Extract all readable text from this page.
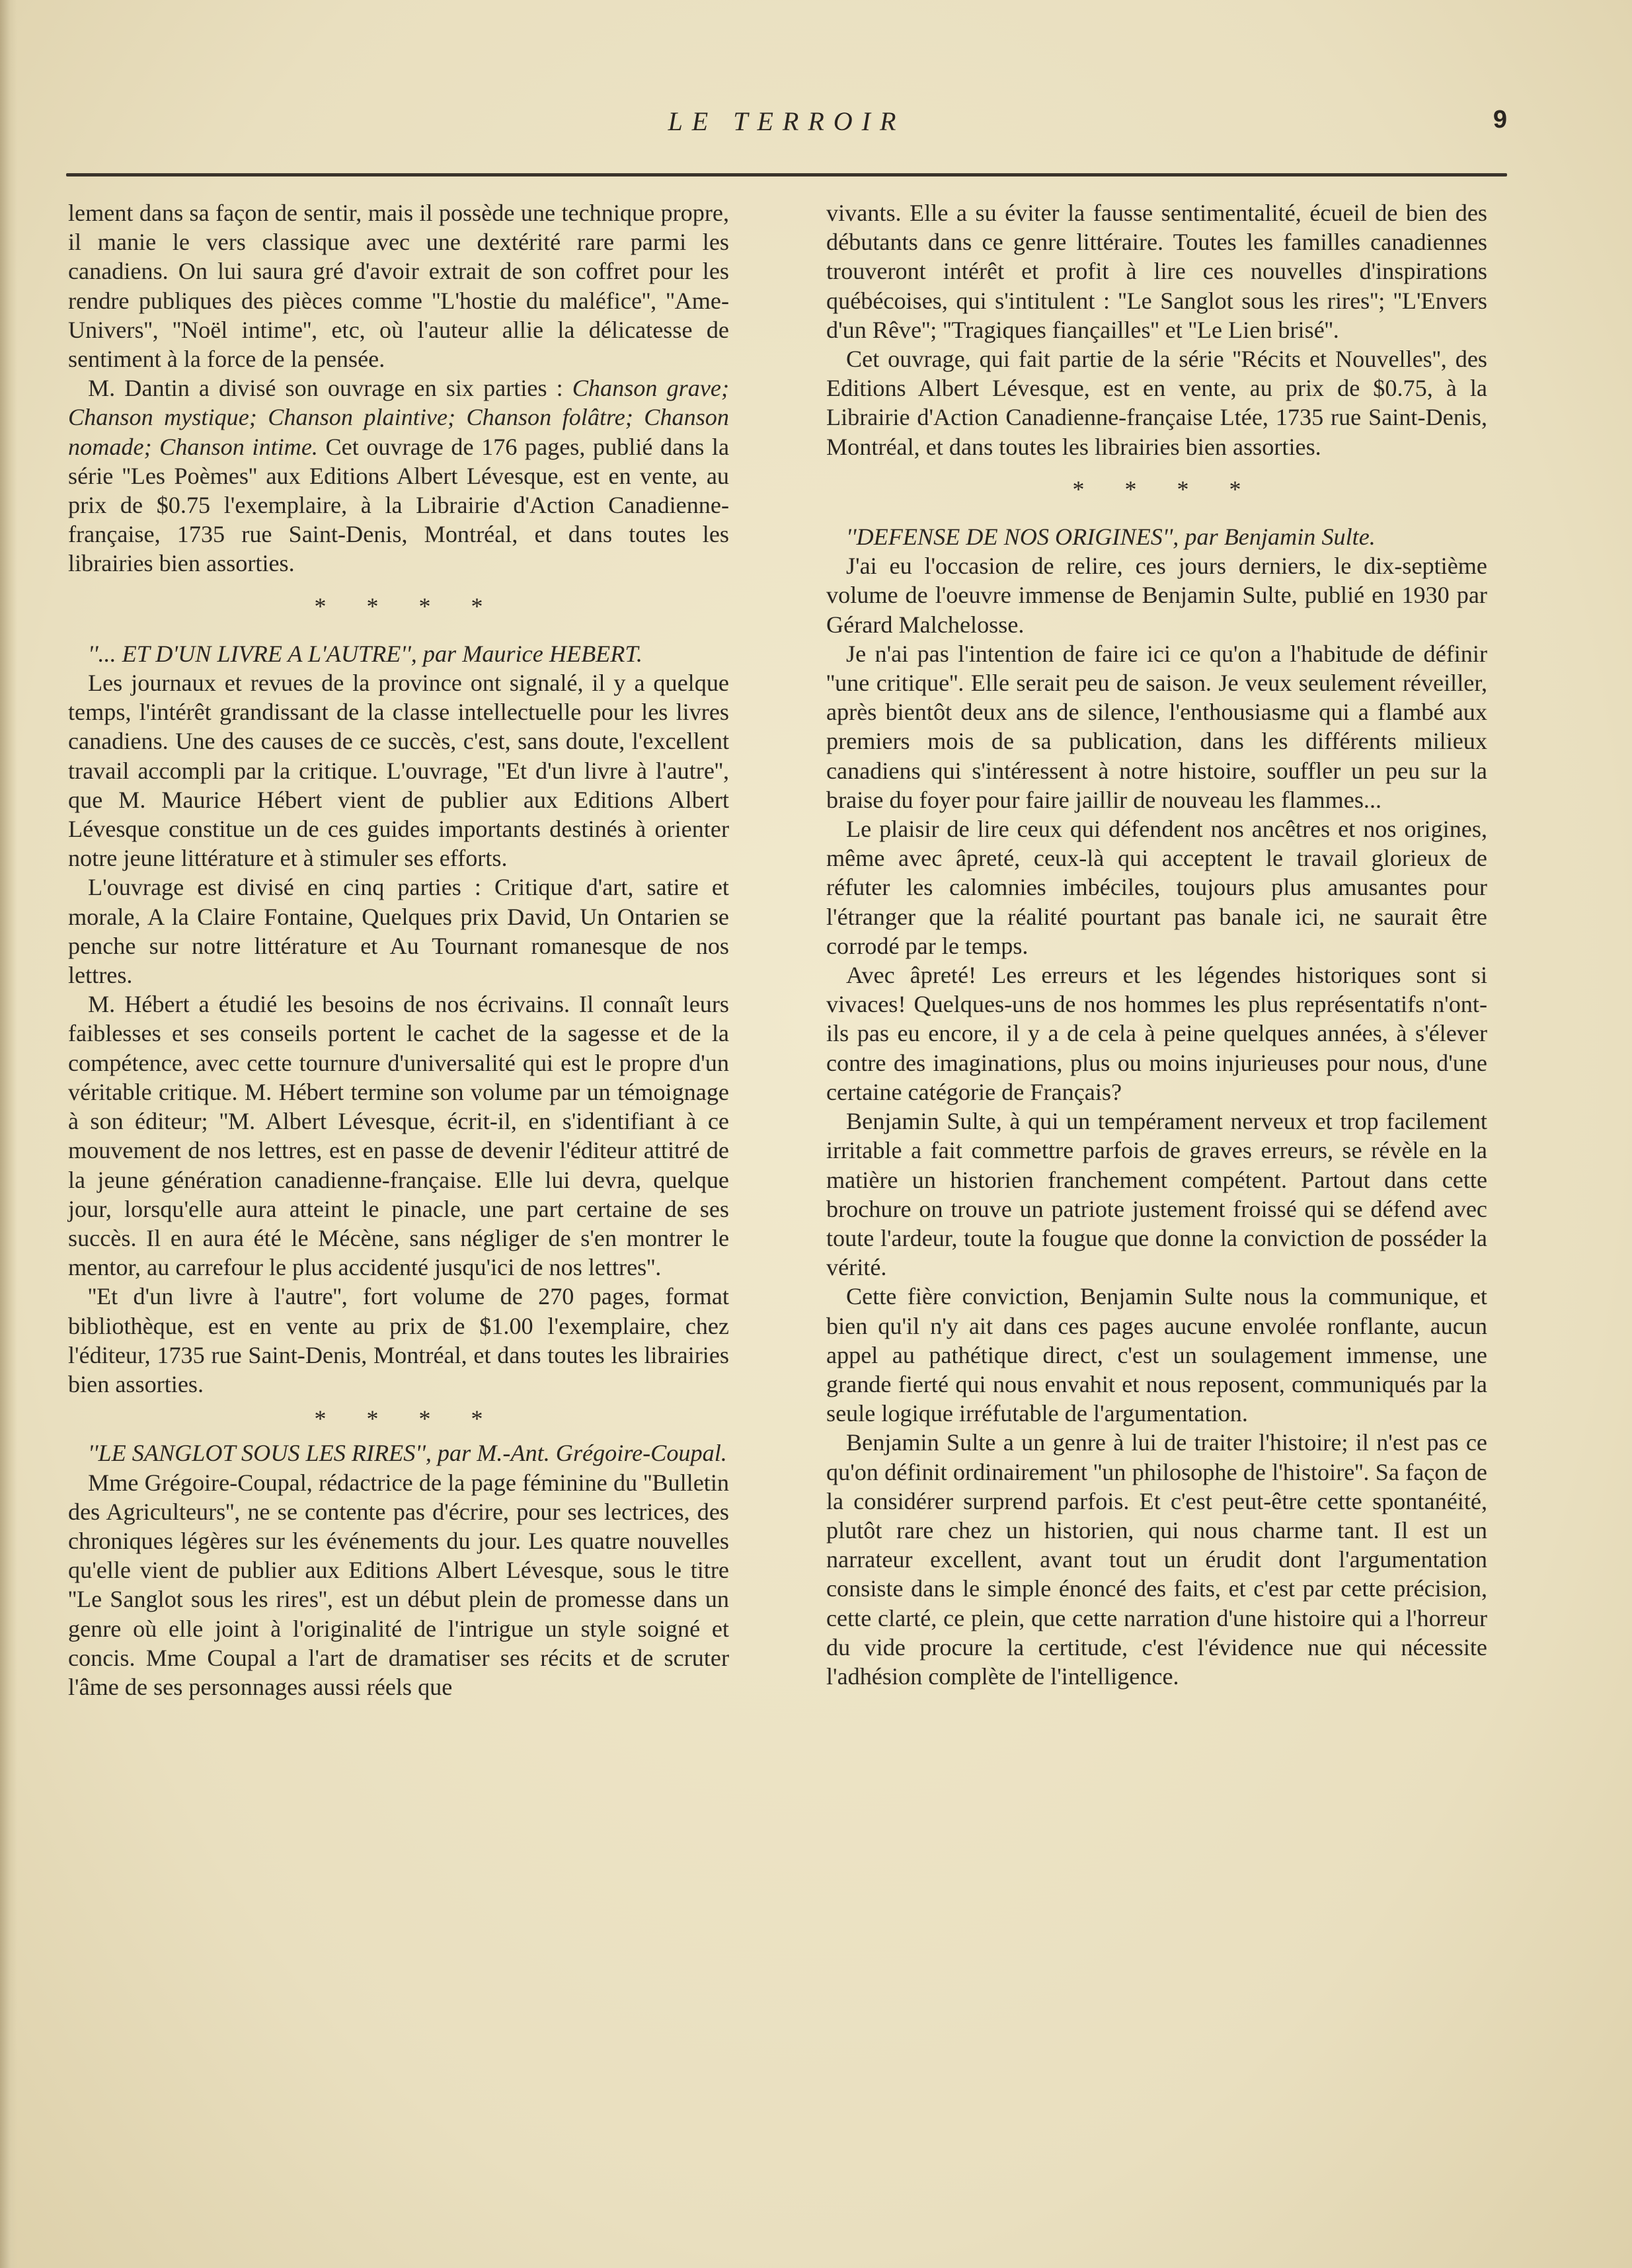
LE TERROIR	9

lement dans sa façon de sentir, mais il possède une technique propre, il manie le vers classique avec une dextérité rare parmi les canadiens. On lui saura gré d'avoir extrait de son coffret pour les rendre publiques des pièces comme ''L'hostie du maléfice'', ''Ame-Univers'', ''Noël intime'', etc, où l'auteur allie la délicatesse de sentiment à la force de la pensée.

M. Dantin a divisé son ouvrage en six parties : Chanson grave; Chanson mystique; Chanson plaintive; Chanson folâtre; Chanson nomade; Chanson intime. Cet ouvrage de 176 pages, publié dans la série ''Les Poèmes'' aux Editions Albert Lévesque, est en vente, au prix de $0.75 l'exemplaire, à la Librairie d'Action Canadienne-française, 1735 rue Saint-Denis, Montréal, et dans toutes les librairies bien assorties.

* * * *

''... ET D'UN LIVRE A L'AUTRE'', par Maurice HEBERT.

Les journaux et revues de la province ont signalé, il y a quelque temps, l'intérêt grandissant de la classe intellectuelle pour les livres canadiens. Une des causes de ce succès, c'est, sans doute, l'excellent travail accompli par la critique. L'ouvrage, ''Et d'un livre à l'autre'', que M. Maurice Hébert vient de publier aux Editions Albert Lévesque constitue un de ces guides importants destinés à orienter notre jeune littérature et à stimuler ses efforts.

L'ouvrage est divisé en cinq parties : Critique d'art, satire et morale, A la Claire Fontaine, Quelques prix David, Un Ontarien se penche sur notre littérature et Au Tournant romanesque de nos lettres.

M. Hébert a étudié les besoins de nos écrivains. Il connaît leurs faiblesses et ses conseils portent le cachet de la sagesse et de la compétence, avec cette tournure d'universalité qui est le propre d'un véritable critique. M. Hébert termine son volume par un témoignage à son éditeur; ''M. Albert Lévesque, écrit-il, en s'identifiant à ce mouvement de nos lettres, est en passe de devenir l'éditeur attitré de la jeune génération canadienne-française. Elle lui devra, quelque jour, lorsqu'elle aura atteint le pinacle, une part certaine de ses succès. Il en aura été le Mécène, sans négliger de s'en montrer le mentor, au carrefour le plus accidenté jusqu'ici de nos lettres''.

''Et d'un livre à l'autre'', fort volume de 270 pages, format bibliothèque, est en vente au prix de $1.00 l'exemplaire, chez l'éditeur, 1735 rue Saint-Denis, Montréal, et dans toutes les librairies bien assorties.

* * * *

''LE SANGLOT SOUS LES RIRES'', par M.-Ant. Grégoire-Coupal.

Mme Grégoire-Coupal, rédactrice de la page féminine du ''Bulletin des Agriculteurs'', ne se contente pas d'écrire, pour ses lectrices, des chroniques légères sur les événements du jour. Les quatre nouvelles qu'elle vient de publier aux Editions Albert Lévesque, sous le titre ''Le Sanglot sous les rires'', est un début plein de promesse dans un genre où elle joint à l'originalité de l'intrigue un style soigné et concis. Mme Coupal a l'art de dramatiser ses récits et de scruter l'âme de ses personnages aussi réels que

vivants. Elle a su éviter la fausse sentimentalité, écueil de bien des débutants dans ce genre littéraire. Toutes les familles canadiennes trouveront intérêt et profit à lire ces nouvelles d'inspirations québécoises, qui s'intitulent : ''Le Sanglot sous les rires''; ''L'Envers d'un Rêve''; ''Tragiques fiançailles'' et ''Le Lien brisé''.

Cet ouvrage, qui fait partie de la série ''Récits et Nouvelles'', des Editions Albert Lévesque, est en vente, au prix de $0.75, à la Librairie d'Action Canadienne-française Ltée, 1735 rue Saint-Denis, Montréal, et dans toutes les librairies bien assorties.

* * * *

''DEFENSE DE NOS ORIGINES'', par Benjamin Sulte.

J'ai eu l'occasion de relire, ces jours derniers, le dix-septième volume de l'oeuvre immense de Benjamin Sulte, publié en 1930 par Gérard Malchelosse.

Je n'ai pas l'intention de faire ici ce qu'on a l'habitude de définir ''une critique''. Elle serait peu de saison. Je veux seulement réveiller, après bientôt deux ans de silence, l'enthousiasme qui a flambé aux premiers mois de sa publication, dans les différents milieux canadiens qui s'intéressent à notre histoire, souffler un peu sur la braise du foyer pour faire jaillir de nouveau les flammes...

Le plaisir de lire ceux qui défendent nos ancêtres et nos origines, même avec âpreté, ceux-là qui acceptent le travail glorieux de réfuter les calomnies imbéciles, toujours plus amusantes pour l'étranger que la réalité pourtant pas banale ici, ne saurait être corrodé par le temps.

Avec âpreté! Les erreurs et les légendes historiques sont si vivaces! Quelques-uns de nos hommes les plus représentatifs n'ont-ils pas eu encore, il y a de cela à peine quelques années, à s'élever contre des imaginations, plus ou moins injurieuses pour nous, d'une certaine catégorie de Français?

Benjamin Sulte, à qui un tempérament nerveux et trop facilement irritable a fait commettre parfois de graves erreurs, se révèle en la matière un historien franchement compétent. Partout dans cette brochure on trouve un patriote justement froissé qui se défend avec toute l'ardeur, toute la fougue que donne la conviction de posséder la vérité.

Cette fière conviction, Benjamin Sulte nous la communique, et bien qu'il n'y ait dans ces pages aucune envolée ronflante, aucun appel au pathétique direct, c'est un soulagement immense, une grande fierté qui nous envahit et nous reposent, communiqués par la seule logique irréfutable de l'argumentation.

Benjamin Sulte a un genre à lui de traiter l'histoire; il n'est pas ce qu'on définit ordinairement ''un philosophe de l'histoire''. Sa façon de la considérer surprend parfois. Et c'est peut-être cette spontanéité, plutôt rare chez un historien, qui nous charme tant. Il est un narrateur excellent, avant tout un érudit dont l'argumentation consiste dans le simple énoncé des faits, et c'est par cette précision, cette clarté, ce plein, que cette narration d'une histoire qui a l'horreur du vide procure la certitude, c'est l'évidence nue qui nécessite l'adhésion complète de l'intelligence.
